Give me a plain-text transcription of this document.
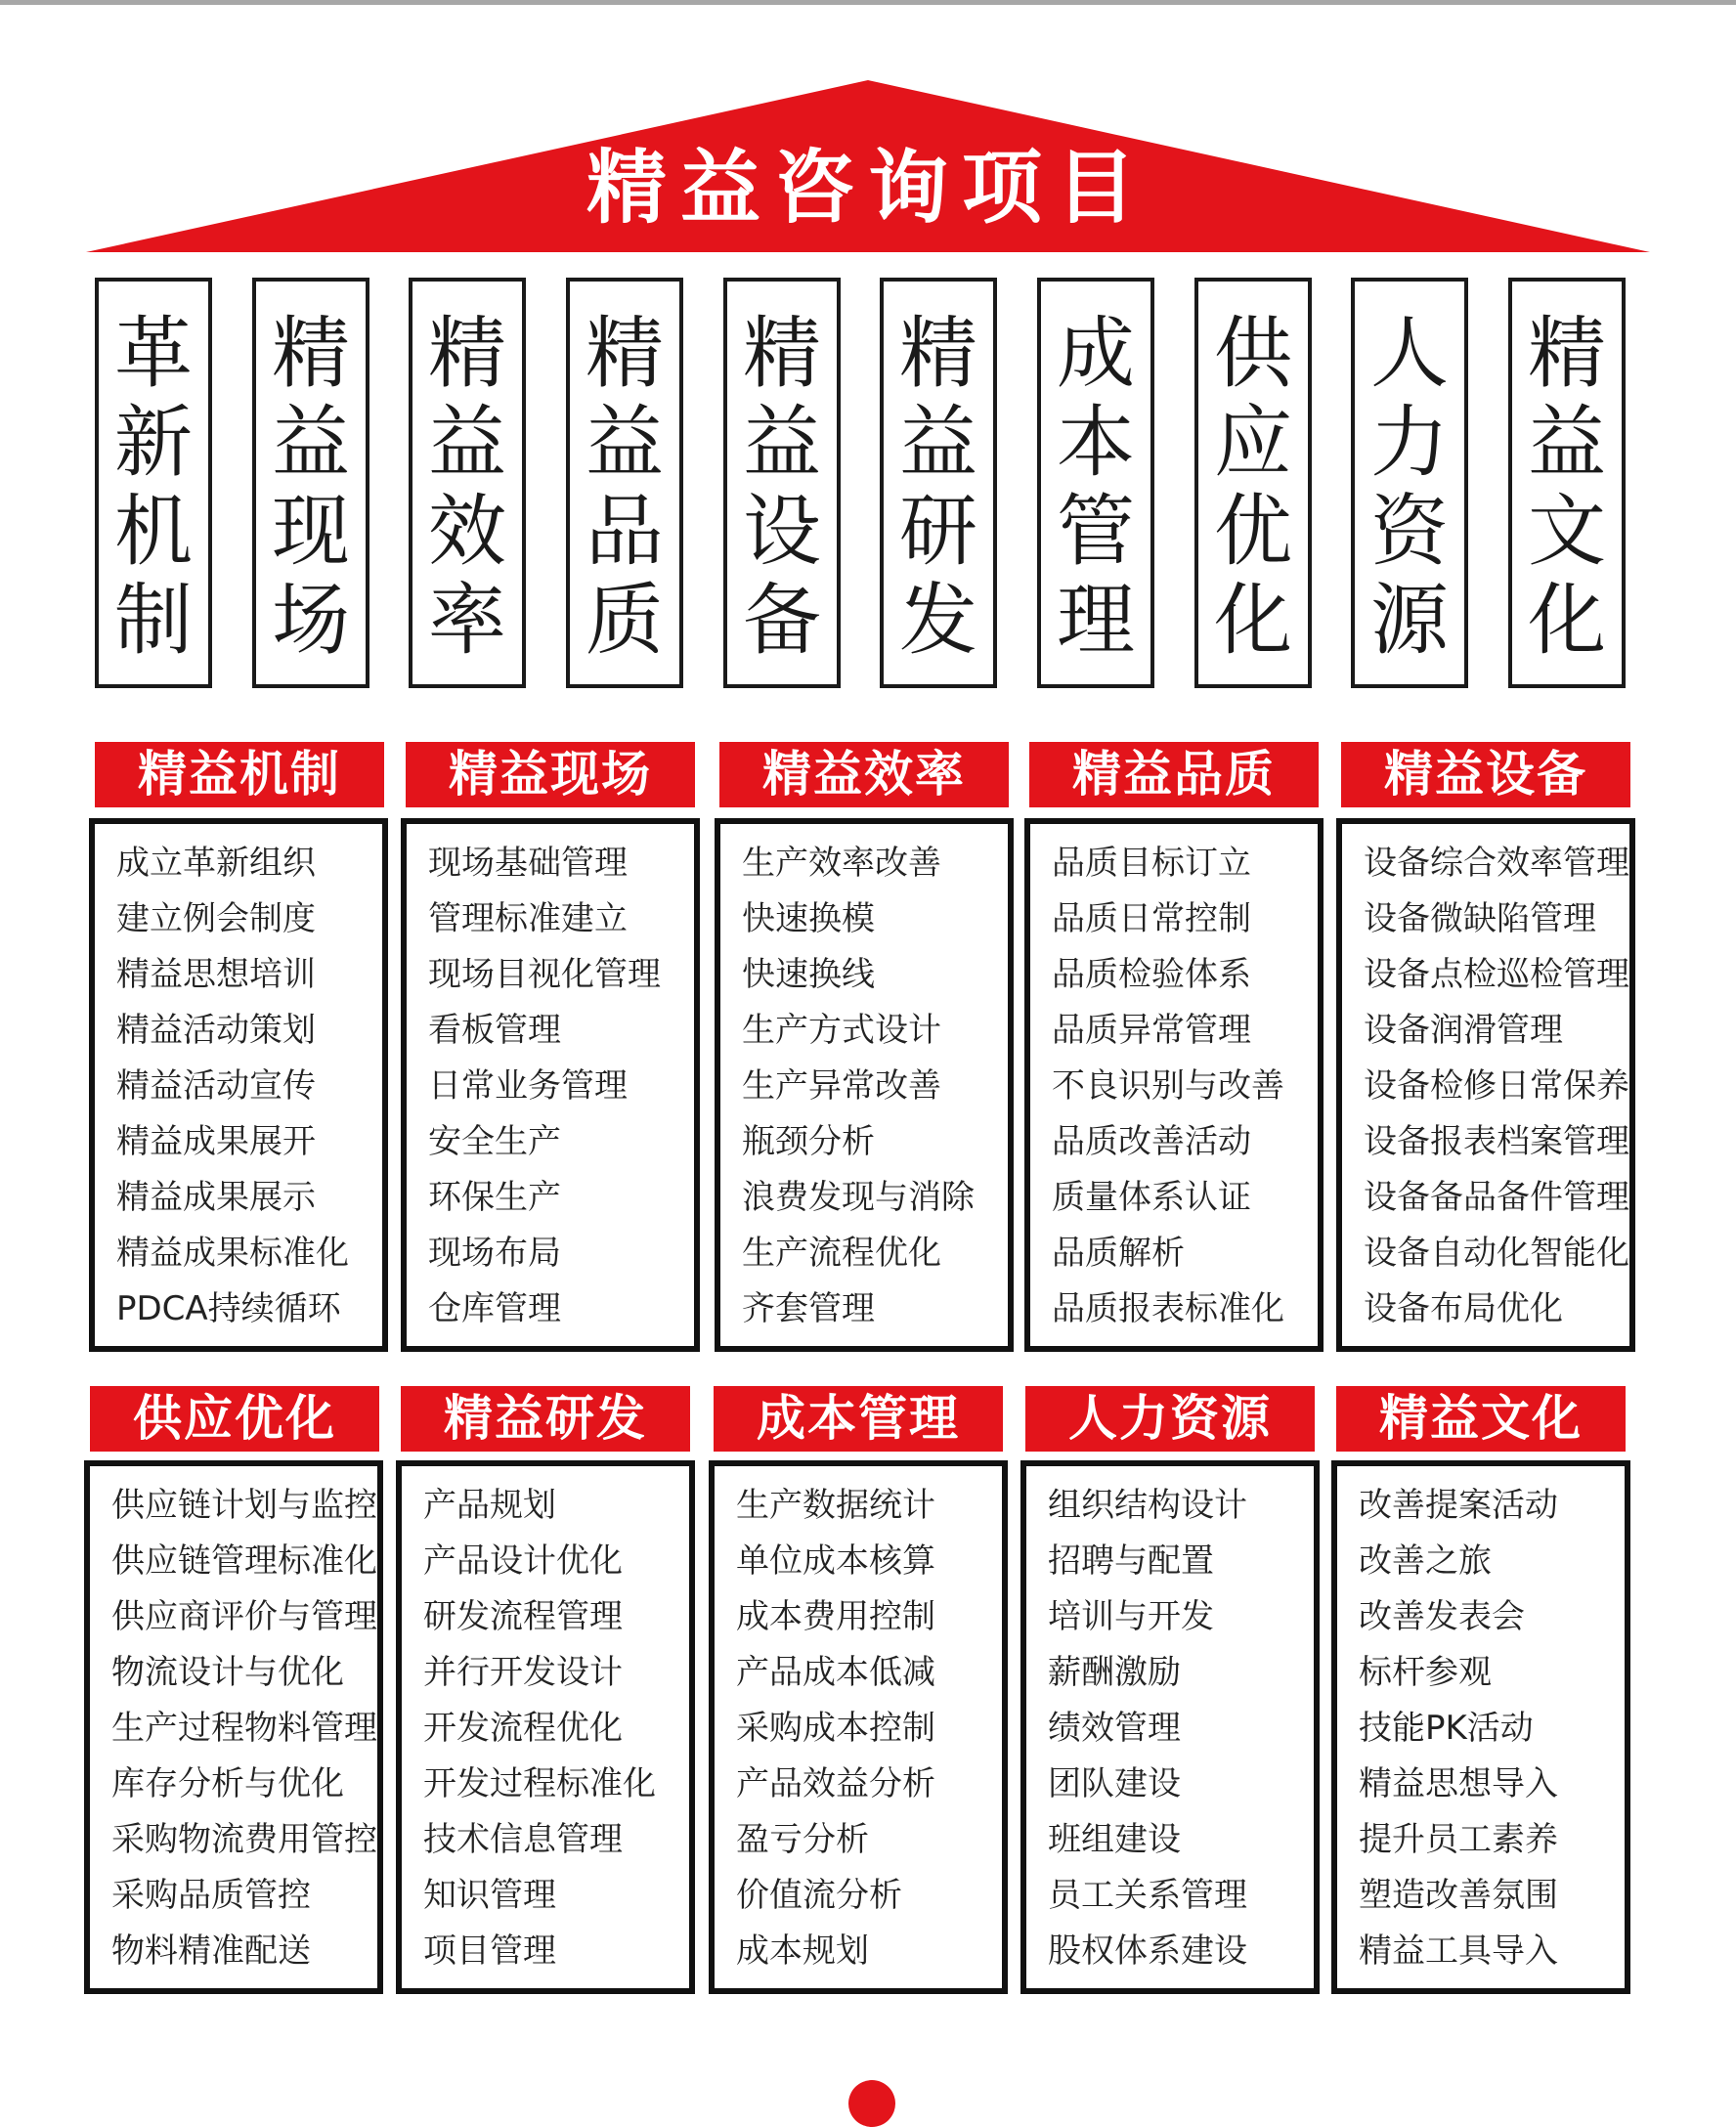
精益咨询项目
革新机制
精益现场
精益效率
精益品质
精益设备
精益研发
成本管理
供应优化
人力资源
精益文化
精益机制
成立革新组织
建立例会制度
精益思想培训
精益活动策划
精益活动宣传
精益成果展开
精益成果展示
精益成果标准化
PDCA持续循环
精益现场
现场基础管理
管理标准建立
现场目视化管理
看板管理
日常业务管理
安全生产
环保生产
现场布局
仓库管理
精益效率
生产效率改善
快速换模
快速换线
生产方式设计
生产异常改善
瓶颈分析
浪费发现与消除
生产流程优化
齐套管理
精益品质
品质目标订立
品质日常控制
品质检验体系
品质异常管理
不良识别与改善
品质改善活动
质量体系认证
品质解析
品质报表标准化
精益设备
设备综合效率管理
设备微缺陷管理
设备点检巡检管理
设备润滑管理
设备检修日常保养
设备报表档案管理
设备备品备件管理
设备自动化智能化
设备布局优化
供应优化
供应链计划与监控
供应链管理标准化
供应商评价与管理
物流设计与优化
生产过程物料管理
库存分析与优化
采购物流费用管控
采购品质管控
物料精准配送
精益研发
产品规划
产品设计优化
研发流程管理
并行开发设计
开发流程优化
开发过程标准化
技术信息管理
知识管理
项目管理
成本管理
生产数据统计
单位成本核算
成本费用控制
产品成本低减
采购成本控制
产品效益分析
盈亏分析
价值流分析
成本规划
人力资源
组织结构设计
招聘与配置
培训与开发
薪酬激励
绩效管理
团队建设
班组建设
员工关系管理
股权体系建设
精益文化
改善提案活动
改善之旅
改善发表会
标杆参观
技能PK活动
精益思想导入
提升员工素养
塑造改善氛围
精益工具导入
